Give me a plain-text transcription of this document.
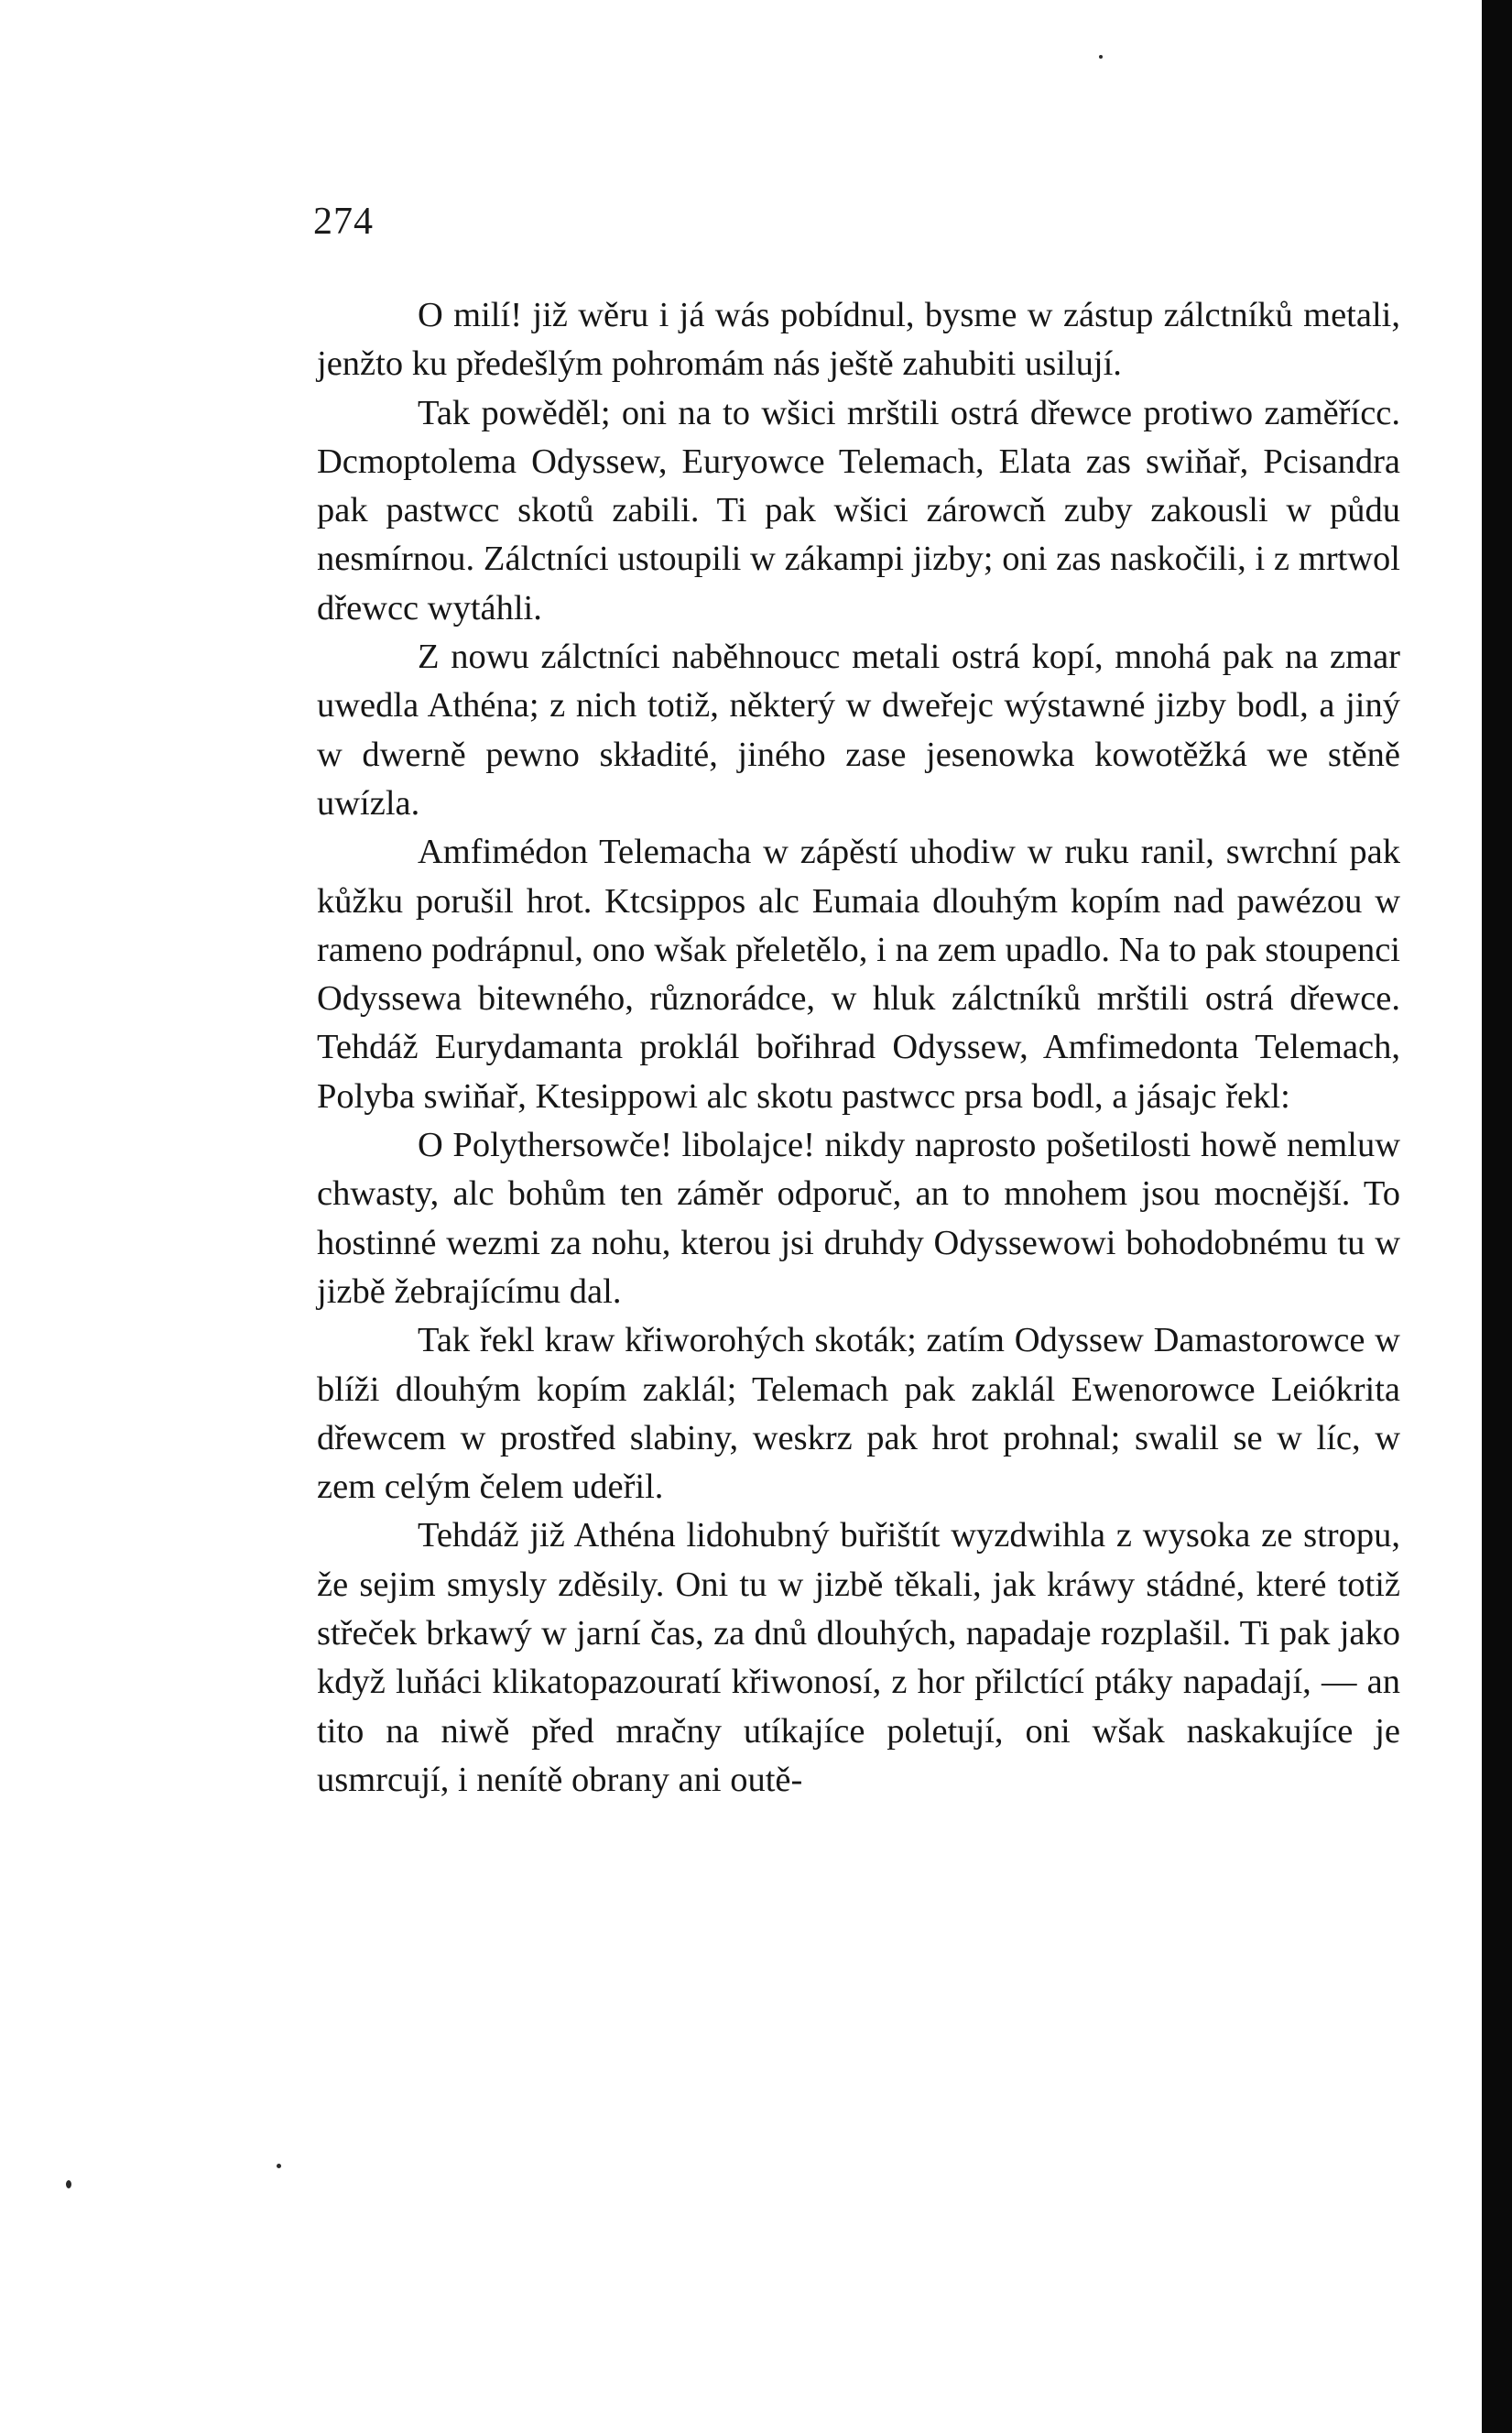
274

O milí! již wěru i já wás pobídnul, bysme w zástup zálctníků metali, jenžto ku předešlým pohromám nás ještě zahubiti usilují.

Tak powěděl; oni na to wšici mrštili ostrá dřewce protiwo zaměřícc. Dcmoptolema Odyssew, Euryowce Telemach, Elata zas swiňař, Pcisandra pak pastwcc skotů zabili. Ti pak wšici zárowcň zuby zakousli w půdu nesmírnou. Zálctníci ustoupili w zákampi jizby; oni zas naskočili, i z mrtwol dřewcc wytáhli.

Z nowu zálctníci naběhnoucc metali ostrá kopí, mnohá pak na zmar uwedla Athéna; z nich totiž, některý w dweřejc wýstawné jizby bodl, a jiný w dwerně pewno składité, jiného zase jesenowka kowotěžká we stěně uwízla.

Amfimédon Telemacha w zápěstí uhodiw w ruku ranil, swrchní pak kůžku porušil hrot. Ktcsippos alc Eumaia dlouhým kopím nad pawézou w rameno podrápnul, ono wšak přeletělo, i na zem upadlo. Na to pak stoupenci Odyssewa bitewného, různorádce, w hluk zálctníků mrštili ostrá dřewce. Tehdáž Eurydamanta proklál bořihrad Odyssew, Amfimedonta Telemach, Polyba swiňař, Ktesippowi alc skotu pastwcc prsa bodl, a jásajc řekl:

O Polythersowče! libolajce! nikdy naprosto pošetilosti howě nemluw chwasty, alc bohům ten záměr odporuč, an to mnohem jsou mocnější. To hostinné wezmi za nohu, kterou jsi druhdy Odyssewowi bohodobnému tu w jizbě žebrajícímu dal.

Tak řekl kraw křiworohých skoták; zatím Odyssew Damastorowce w blíži dlouhým kopím zaklál; Telemach pak zaklál Ewenorowce Leiókrita dřewcem w prostřed slabiny, weskrz pak hrot prohnal; swalil se w líc, w zem celým čelem udeřil.

Tehdáž již Athéna lidohubný buřištít wyzdwihla z wysoka ze stropu, že sejim smysly zděsily. Oni tu w jizbě těkali, jak kráwy stádné, které totiž střeček brkawý w jarní čas, za dnů dlouhých, napadaje rozplašil. Ti pak jako když luňáci klikatopazouratí křiwonosí, z hor přilctící ptáky napadají, — an tito na niwě před mračny utíkajíce poletují, oni wšak naskakujíce je usmrcují, i nenítě obrany ani outě-
